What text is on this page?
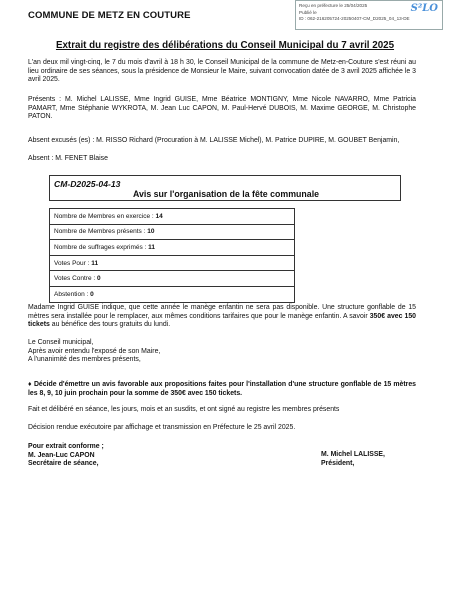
COMMUNE DE METZ EN COUTURE
Reçu en préfecture le 25/04/2025
Publié le
ID : 062-216205724-20250407-CM_D2025_04_13-DE
S²LO
Extrait du registre des délibérations du Conseil Municipal du 7 avril 2025
L'an deux mil vingt-cinq, le 7 du mois d'avril à 18 h 30, le Conseil Municipal de la commune de Metz-en-Couture s'est réuni au lieu ordinaire de ses séances, sous la présidence de Monsieur le Maire, suivant convocation datée de 3 avril 2025 affichée le 3 avril 2025.
Présents : M. Michel LALISSE, Mme Ingrid GUISE, Mme Béatrice MONTIGNY, Mme Nicole NAVARRO, Mme Patricia PAMART, Mme Stéphanie WYKROTA, M. Jean Luc CAPON, M. Paul-Hervé DUBOIS, M. Maxime GEORGE, M. Christophe PATON.
Absent excusés (es) : M. RISSO Richard (Procuration à M. LALISSE Michel), M. Patrice DUPIRE, M. GOUBET Benjamin,
Absent : M. FENET Blaise
CM-D2025-04-13
Avis sur l'organisation de la fête communale
Nombre de Membres en exercice : 14
Nombre de Membres présents : 10
Nombre de suffrages exprimés : 11
Votes Pour : 11
Votes Contre : 0
Abstention : 0
Madame Ingrid GUISE indique, que cette année le manège enfantin ne sera pas disponible. Une structure gonflable de 15 mètres sera installée pour le remplacer, aux mêmes conditions tarifaires que pour le manège enfantin. A savoir 350€ avec 150 tickets au bénéfice des tours gratuits du lundi.
Le Conseil municipal,
Après avoir entendu l'exposé de son Maire,
A l'unanimité des membres présents,
♦ Décide d'émettre un avis favorable aux propositions faites pour l'installation d'une structure gonflable de 15 mètres les 8, 9, 10 juin prochain pour la somme de 350€ avec 150 tickets.
Fait et délibéré en séance, les jours, mois et an susdits, et ont signé au registre les membres présents
Décision rendue exécutoire par affichage et transmission en Préfecture le 25 avril 2025.
Pour extrait conforme ;
M. Jean-Luc CAPON
Secrétaire de séance,
M. Michel LALISSE,
Président,
